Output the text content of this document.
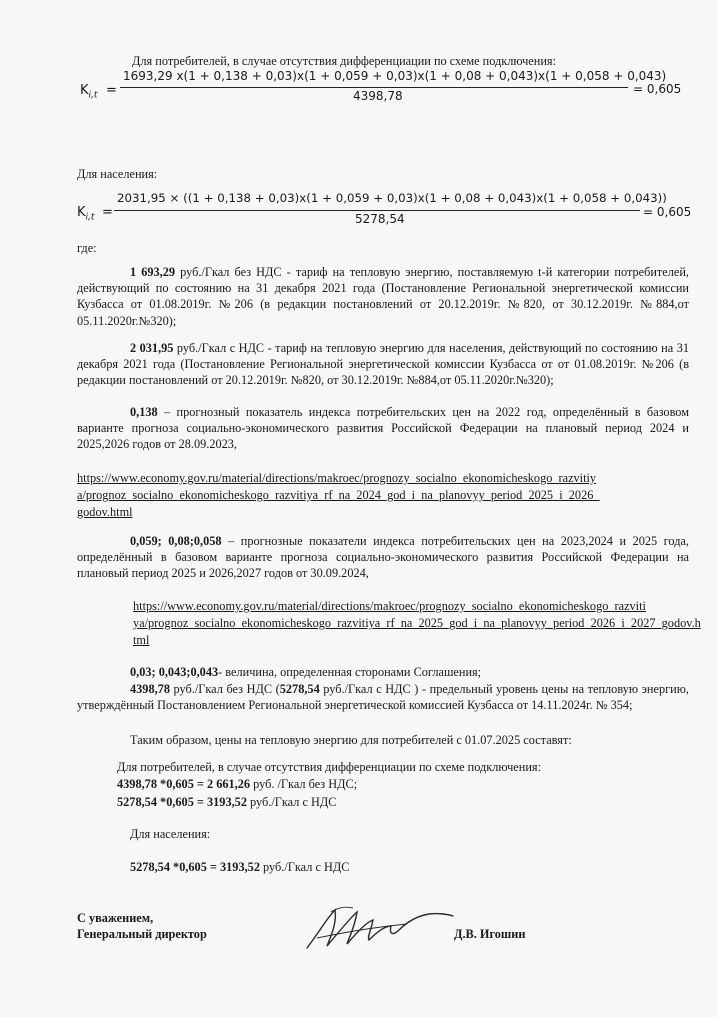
Для потребителей, в случае отсутствия дифференциации по схеме подключения:
$K_{i,t}$ =
1693,29 x(1 + 0,138 + 0,03)x(1 + 0,059 + 0,03)x(1 + 0,08 + 0,043)x(1 + 0,058 + 0,043)
4398,78	= 0,605
Для населения:
$K_{i,t}$ =
2031,95 × ((1 + 0,138 + 0,03)x(1 + 0,059 + 0,03)x(1 + 0,08 + 0,043)x(1 + 0,058 + 0,043))
5278,54	= 0,605
где:
1 693,29 руб./Гкал без НДС - тариф на тепловую энергию, поставляемую t-й категории потребителей, действующий по состоянию на 31 декабря 2021 года (Постановление Региональной энергетической комиссии Кузбасса от 01.08.2019г. №206 (в редакции постановлений от 20.12.2019г. №820, от 30.12.2019г. №884,от 05.11.2020г.№320);
2 031,95 руб./Гкал с НДС - тариф на тепловую энергию для населения, действующий по состоянию на 31 декабря 2021 года (Постановление Региональной энергетической комиссии Кузбасса от от 01.08.2019г. №206 (в редакции постановлений от 20.12.2019г. №820, от 30.12.2019г. №884,от 05.11.2020г.№320);
0,138 – прогнозный показатель индекса потребительских цен на 2022 год, определённый в базовом варианте прогноза социально-экономического развития Российской Федерации на плановый период 2024 и 2025,2026 годов от 28.09.2023,
https://www.economy.gov.ru/material/directions/makroec/prognozy_socialno_ekonomicheskogo_razvitiy
a/prognoz_socialno_ekonomicheskogo_razvitiya_rf_na_2024_god_i_na_planovyy_period_2025_i_2026_
godov.html
0,059; 0,08;0,058 – прогнозные показатели индекса потребительских цен на 2023,2024 и 2025 года, определённый в базовом варианте прогноза социально-экономического развития Российской Федерации на плановый период 2025 и 2026,2027 годов от 30.09.2024,
https://www.economy.gov.ru/material/directions/makroec/prognozy_socialno_ekonomicheskogo_razviti
ya/prognoz_socialno_ekonomicheskogo_razvitiya_rf_na_2025_god_i_na_planovyy_period_2026_i_2027_godov.h
tml
0,03; 0,043;0,043- величина, определенная сторонами Соглашения;
4398,78 руб./Гкал без НДС (5278,54 руб./Гкал с НДС ) - предельный уровень цены на тепловую энергию, утверждённый Постановлением Региональной энергетической комиссией Кузбасса от 14.11.2024г. № 354;
Таким образом, цены на тепловую энергию для потребителей с 01.07.2025 составят:
Для потребителей, в случае отсутствия дифференциации по схеме подключения:
4398,78 *0,605 = 2 661,26 руб. /Гкал без НДС;
5278,54 *0,605 = 3193,52 руб./Гкал с НДС
Для населения:
5278,54 *0,605 = 3193,52 руб./Гкал с НДС
С уважением,
Генеральный директор	Д.В. Игошин
